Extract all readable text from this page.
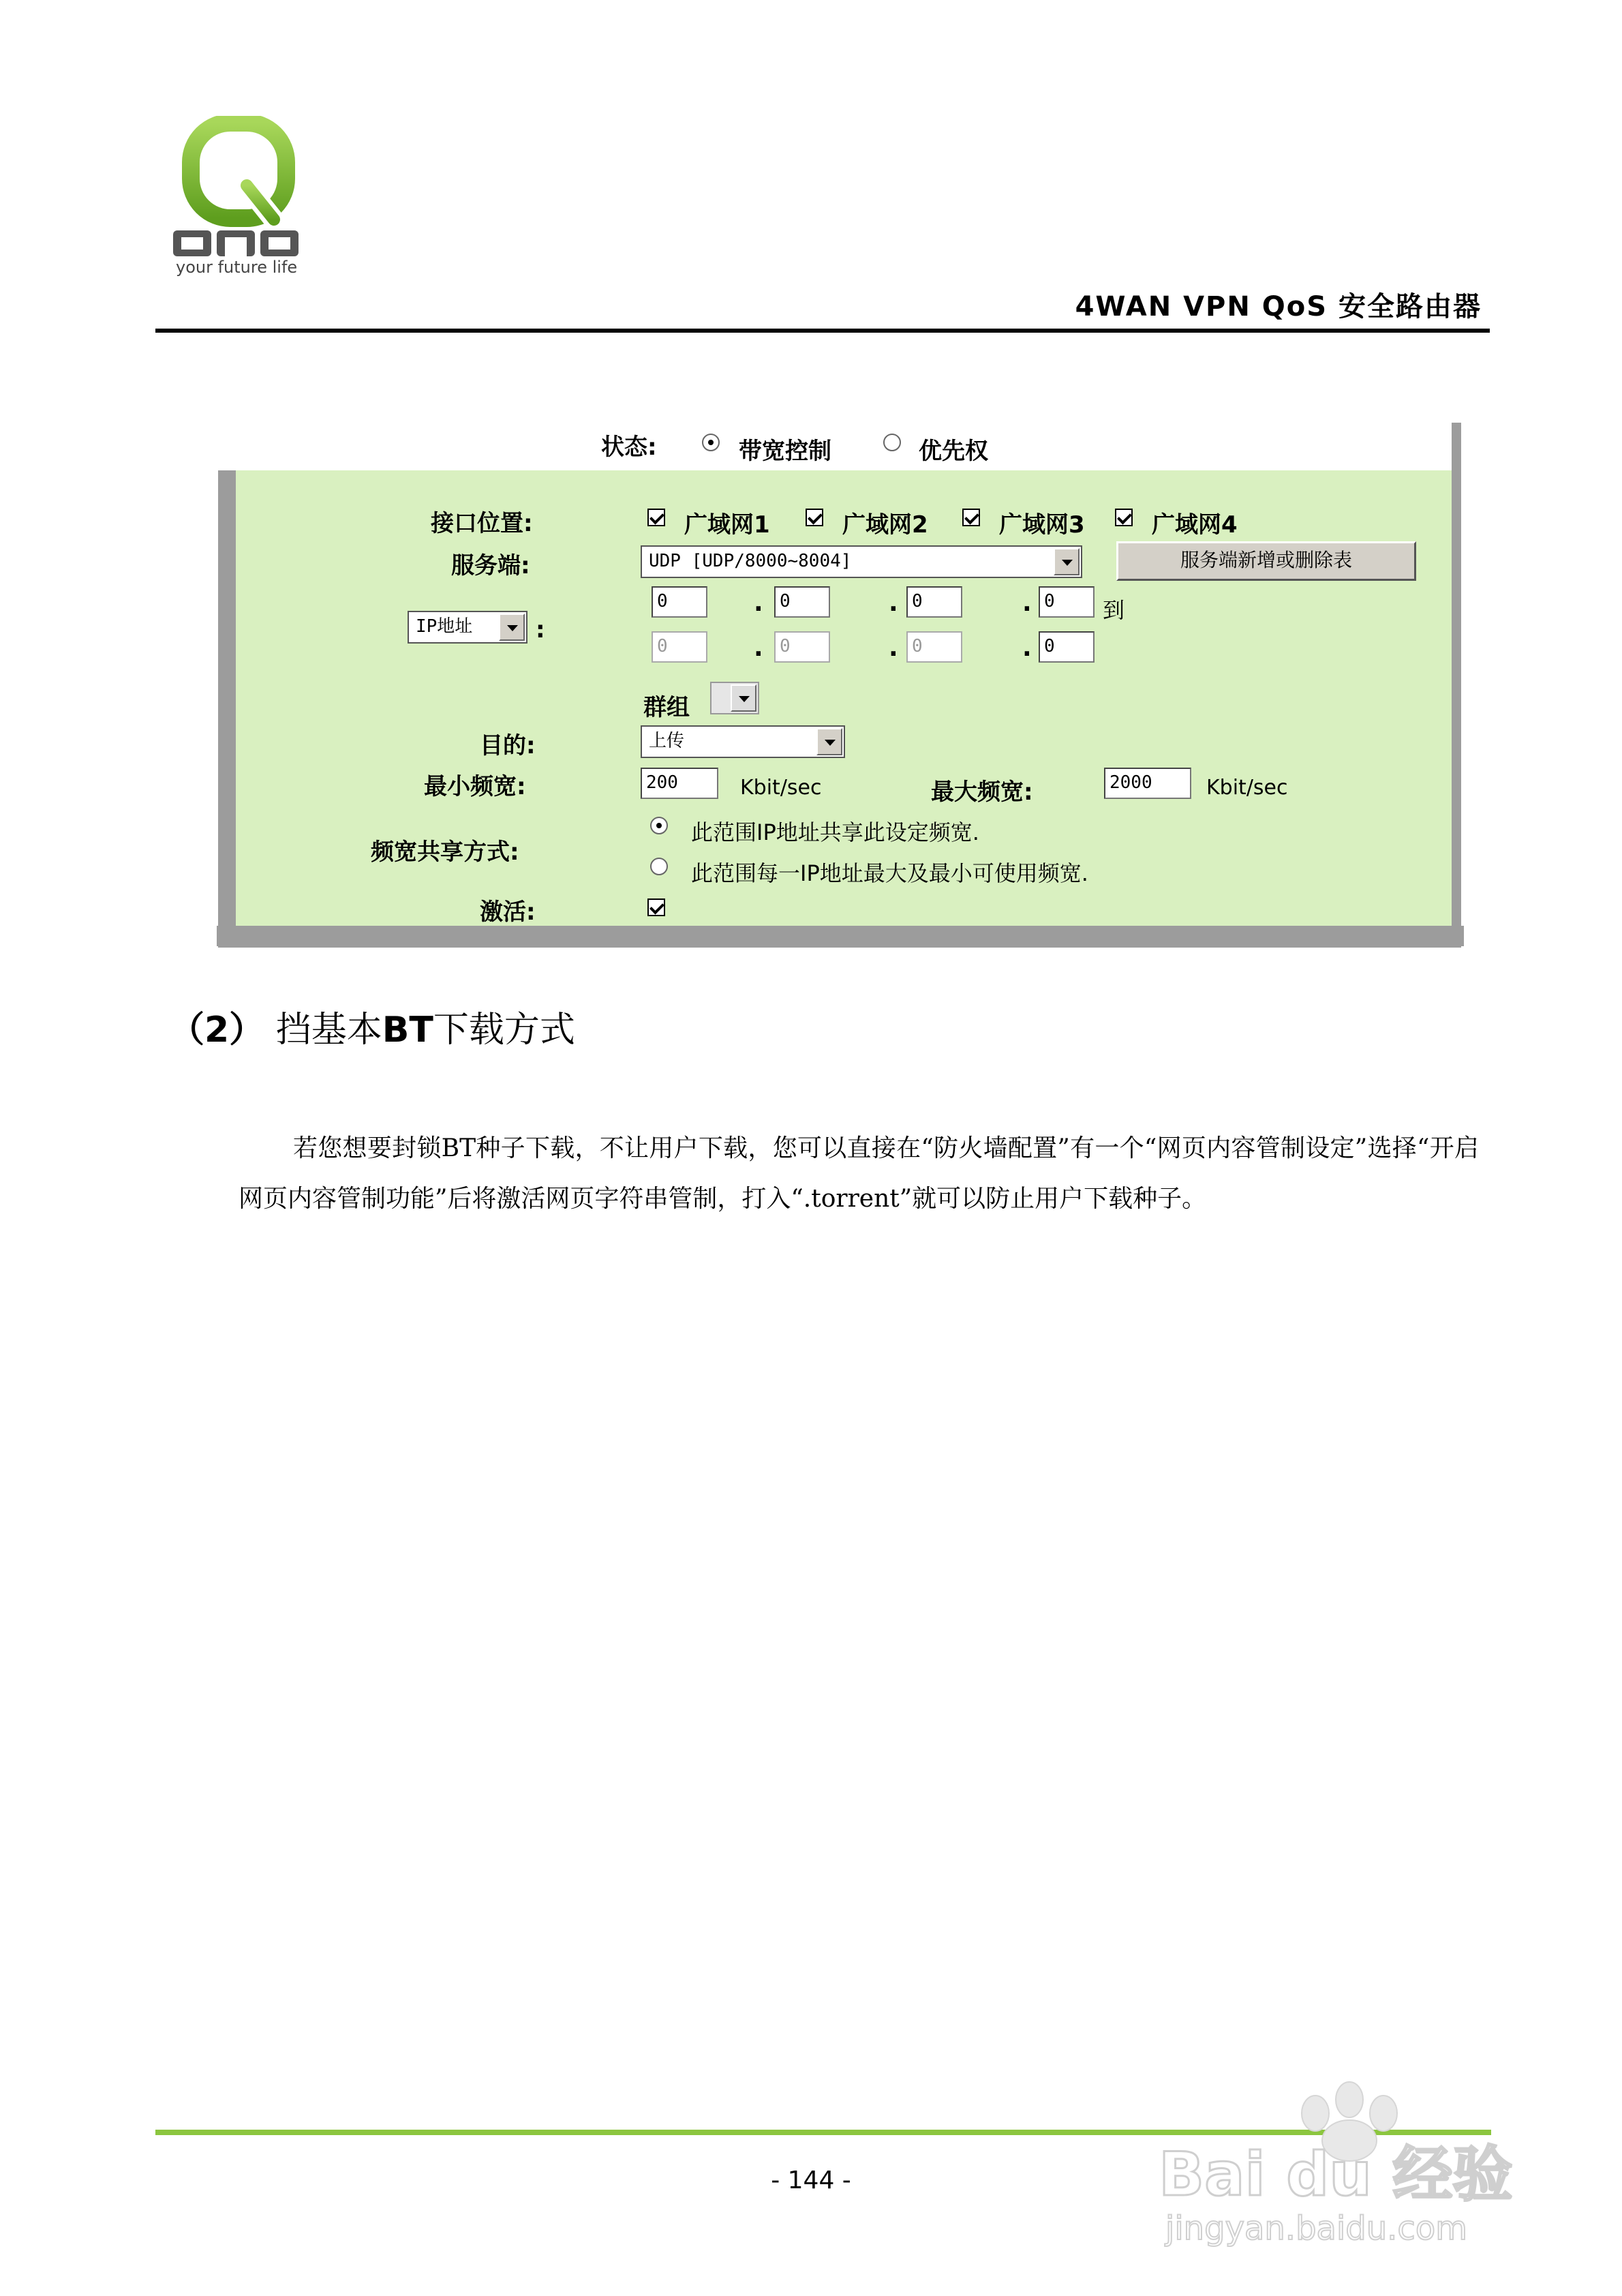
your future life
4WAN VPN QoS 安全路由器
状态:	带宽控制	优先权
接口位置:	广域网1	广域网2	广域网3	广域网4
服务端:	UDP [UDP/8000~8004]	服务端新增或删除表
IP地址	:
0	. 0	. 0	. 0	到
0	. 0	. 0	. 0
群组
目的:	上传
最小频宽:	200	Kbit/sec	最大频宽:	2000	Kbit/sec
频宽共享方式:
此范围IP地址共享此设定频宽.
此范围每一IP地址最大及最小可使用频宽.
激活:
（2） 挡基本BT下载方式
若您想要封锁BT种子下载，不让用户下载，您可以直接在“防火墙配置”有一个“网页内容管制设定”选择“开启网页内容管制功能”后将激活网页字符串管制，打入“.torrent”就可以防止用户下载种子。
- 144 -	Bai du 经验
jingyan.baidu.com
